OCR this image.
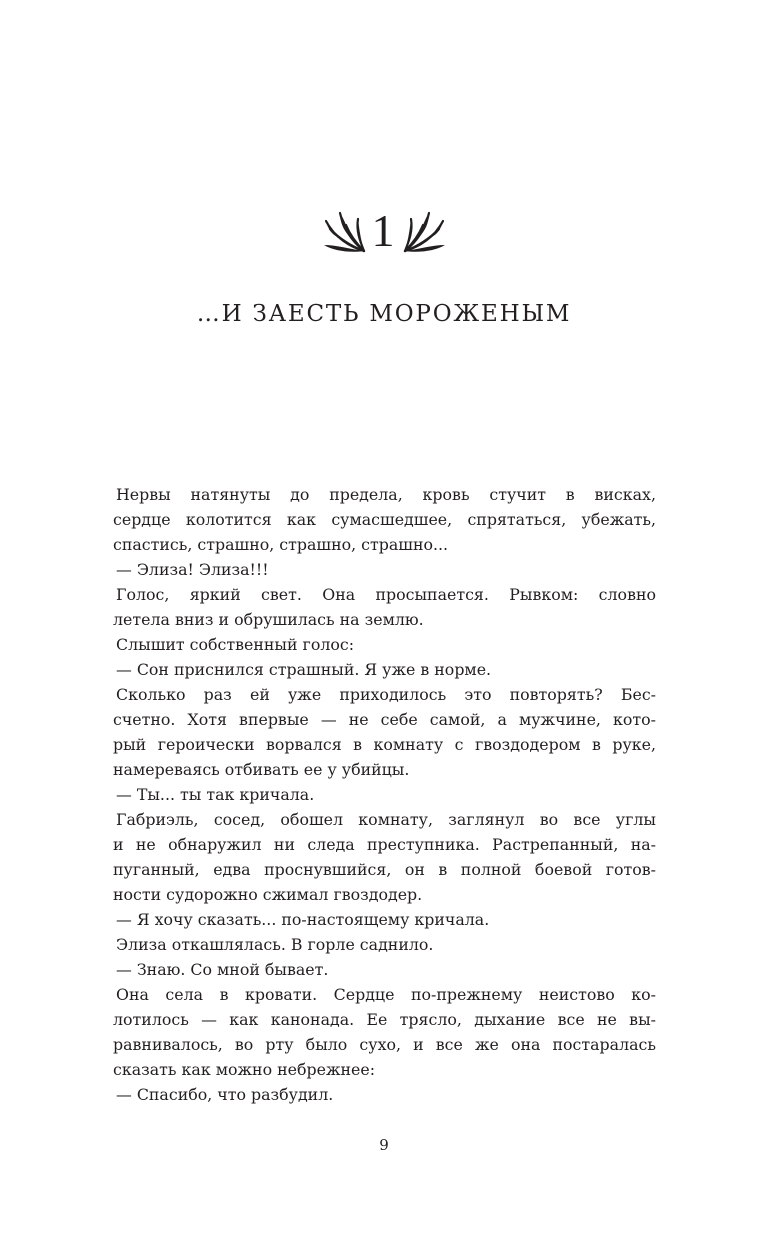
1
…И ЗАЕСТЬ МОРОЖЕНЫМ
Нервы натянуты до предела, кровь стучит в висках,
сердце колотится как сумасшедшее, спрятаться, убежать,
спастись, страшно, страшно, страшно...
— Элиза! Элиза!!!
Голос, яркий свет. Она просыпается. Рывком: словно
летела вниз и обрушилась на землю.
Слышит собственный голос:
— Сон приснился страшный. Я уже в норме.
Сколько раз ей уже приходилось это повторять? Бес-
счетно. Хотя впервые — не себе самой, а мужчине, кото-
рый героически ворвался в комнату с гвоздодером в руке,
намереваясь отбивать ее у убийцы.
— Ты... ты так кричала.
Габриэль, сосед, обошел комнату, заглянул во все углы
и не обнаружил ни следа преступника. Растрепанный, на-
пуганный, едва проснувшийся, он в полной боевой готов-
ности судорожно сжимал гвоздодер.
— Я хочу сказать... по-настоящему кричала.
Элиза откашлялась. В горле саднило.
— Знаю. Со мной бывает.
Она села в кровати. Сердце по-прежнему неистово ко-
лотилось — как канонада. Ее трясло, дыхание все не вы-
равнивалось, во рту было сухо, и все же она постаралась
сказать как можно небрежнее:
— Спасибо, что разбудил.
9
